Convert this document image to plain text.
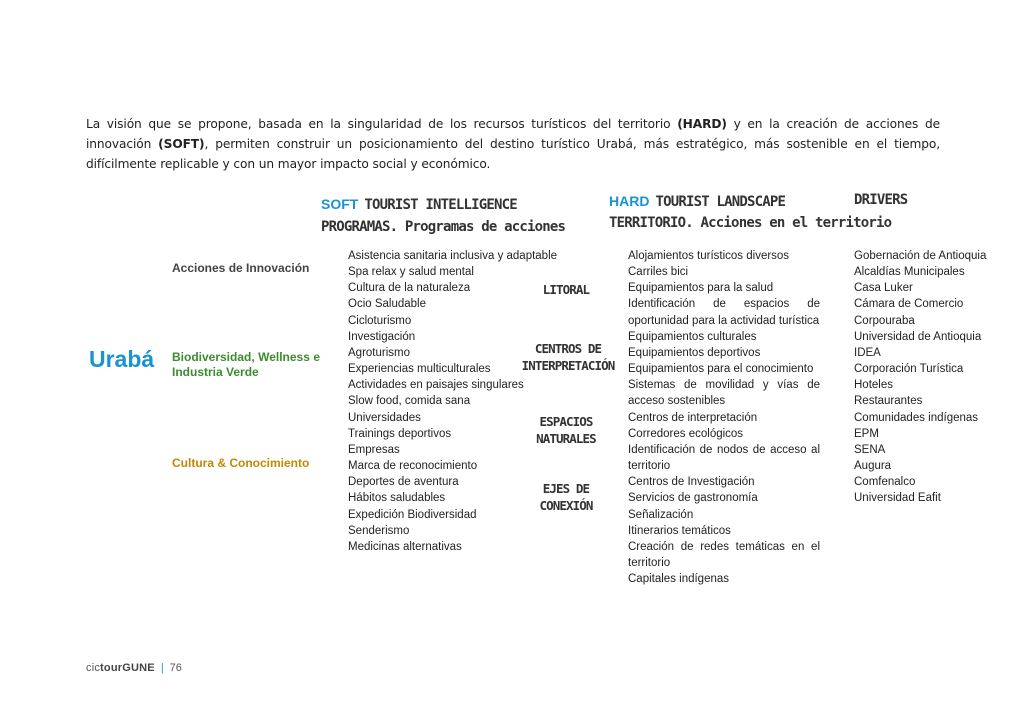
La visión que se propone, basada en la singularidad de los recursos turísticos del territorio (HARD) y en la creación de acciones de innovación (SOFT), permiten construir un posicionamiento del destino turístico Urabá, más estratégico, más sostenible en el tiempo, difícilmente replicable y con un mayor impacto social y económico.

SOFT TOURIST INTELLIGENCE
PROGRAMAS. Programas de acciones
HARD TOURIST LANDSCAPE
TERRITORIO. Acciones en el territorio
DRIVERS
Urabá
Acciones de Innovación
Biodiversidad, Wellness e Industria Verde
Cultura & Conocimiento
Asistencia sanitaria inclusiva y adaptable
Spa relax y salud mental
Cultura de la naturaleza
Ocio Saludable
Cicloturismo
Investigación
Agroturismo
Experiencias multiculturales
Actividades en paisajes singulares
Slow food, comida sana
Universidades
Trainings deportivos
Empresas
Marca de reconocimiento
Deportes de aventura
Hábitos saludables
Expedición Biodiversidad
Senderismo
Medicinas alternativas
LITORAL
CENTROS DE
INTERPRETACIÓN
ESPACIOS
NATURALES
EJES DE
CONEXIÓN
Alojamientos turísticos diversos
Carriles bici
Equipamientos para la salud
Identificación de espacios de oportunidad para la actividad turística
Equipamientos culturales
Equipamientos deportivos
Equipamientos para el conocimiento
Sistemas de movilidad y vías de acceso sostenibles
Centros de interpretación
Corredores ecológicos
Identificación de nodos de acceso al territorio
Centros de Investigación
Servicios de gastronomía
Señalización
Itinerarios temáticos
Creación de redes temáticas en el territorio
Capitales indígenas
Gobernación de Antioquia
Alcaldías Municipales
Casa Luker
Cámara de Comercio
Corpouraba
Universidad de Antioquia
IDEA
Corporación Turística
Hoteles
Restaurantes
Comunidades indígenas
EPM
SENA
Augura
Comfenalco
Universidad Eafit
cictourGUNE | 76
